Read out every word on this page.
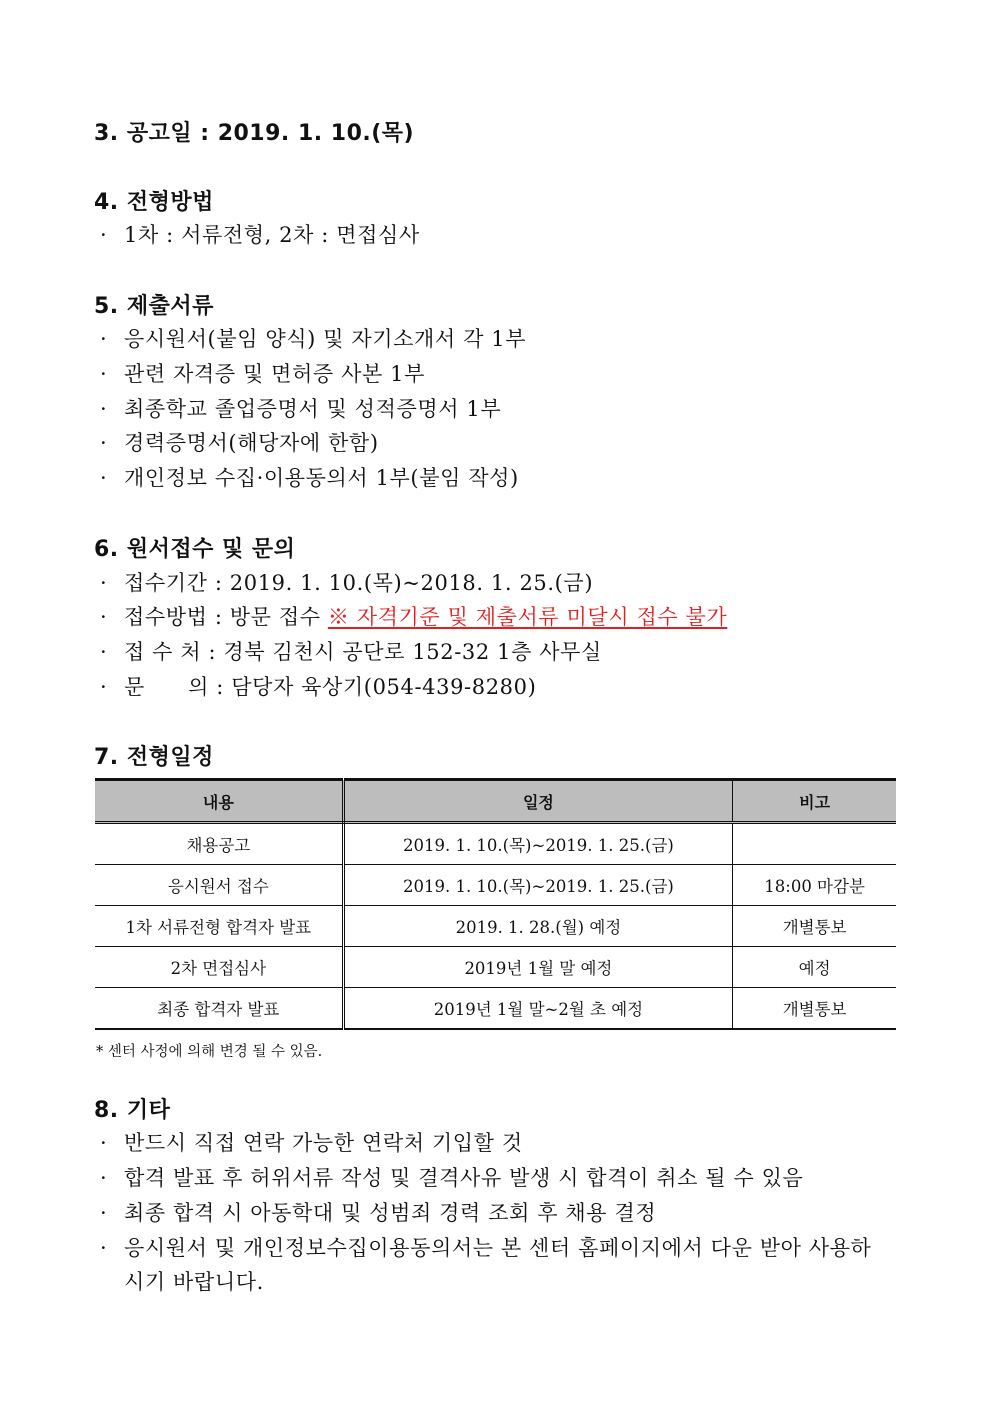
3. 공고일 : 2019. 1. 10.(목)
4. 전형방법
· 1차 : 서류전형, 2차 : 면접심사
5. 제출서류
· 응시원서(붙임 양식) 및 자기소개서 각 1부
· 관련 자격증 및 면허증 사본 1부
· 최종학교 졸업증명서 및 성적증명서 1부
· 경력증명서(해당자에 한함)
· 개인정보 수집·이용동의서 1부(붙임 작성)
6. 원서접수 및 문의
· 접수기간 : 2019. 1. 10.(목)~2018. 1. 25.(금)
· 접수방법 : 방문 접수 ※ 자격기준 및 제출서류 미달시 접수 불가
· 접 수 처 : 경북 김천시 공단로 152-32 1층 사무실
· 문　　의 : 담당자 육상기(054-439-8280)
7. 전형일정
내용	일정	비고
채용공고	2019. 1. 10.(목)~2019. 1. 25.(금)	
응시원서 접수	2019. 1. 10.(목)~2019. 1. 25.(금)	18:00 마감분
1차 서류전형 합격자 발표	2019. 1. 28.(월) 예정	개별통보
2차 면접심사	2019년 1월 말 예정	예정
최종 합격자 발표	2019년 1월 말~2월 초 예정	개별통보
* 센터 사정에 의해 변경 될 수 있음.
8. 기타
· 반드시 직접 연락 가능한 연락처 기입할 것
· 합격 발표 후 허위서류 작성 및 결격사유 발생 시 합격이 취소 될 수 있음
· 최종 합격 시 아동학대 및 성범죄 경력 조회 후 채용 결정
· 응시원서 및 개인정보수집이용동의서는 본 센터 홈페이지에서 다운 받아 사용하
시기 바랍니다.
